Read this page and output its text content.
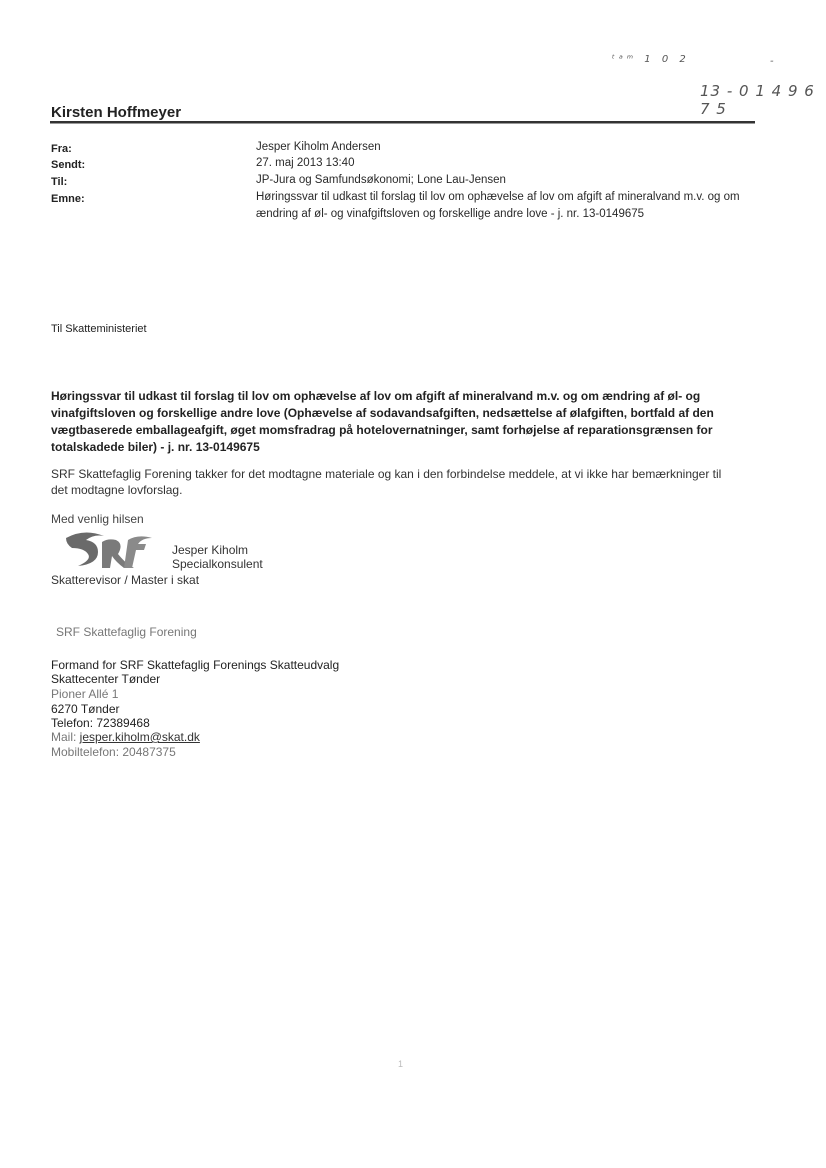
ᵗᵃᵐ 1 0 2	-
13 - 0 1 4 9 6 7 5
Kirsten Hoffmeyer
Fra:	Jesper Kiholm Andersen
Sendt:	27. maj 2013 13:40
Til:	JP-Jura og Samfundsøkonomi; Lone Lau-Jensen
Emne:	Høringssvar til udkast til forslag til lov om ophævelse af lov om afgift af mineralvand m.v. og om ændring af øl- og vinafgiftsloven og forskellige andre love - j. nr. 13-0149675
Til Skatteministeriet
Høringssvar til udkast til forslag til lov om ophævelse af lov om afgift af mineralvand m.v. og om ændring af øl- og vinafgiftsloven og forskellige andre love (Ophævelse af sodavandsafgiften, nedsættelse af ølafgiften, bortfald af den vægtbaserede emballageafgift, øget momsfradrag på hotelovernatninger, samt forhøjelse af reparationsgrænsen for totalskadede biler) - j. nr. 13-0149675
SRF Skattefaglig Forening takker for det modtagne materiale og kan i den forbindelse meddele, at vi ikke har bemærkninger til det modtagne lovforslag.
Med venlig hilsen
Jesper Kiholm
Specialkonsulent
Skatterevisor / Master i skat
SRF Skattefaglig Forening
Formand for SRF Skattefaglig Forenings Skatteudvalg
Skattecenter Tønder
Pioner Allé 1
6270 Tønder
Telefon: 72389468
Mail: jesper.kiholm@skat.dk
Mobiltelefon: 20487375
1
